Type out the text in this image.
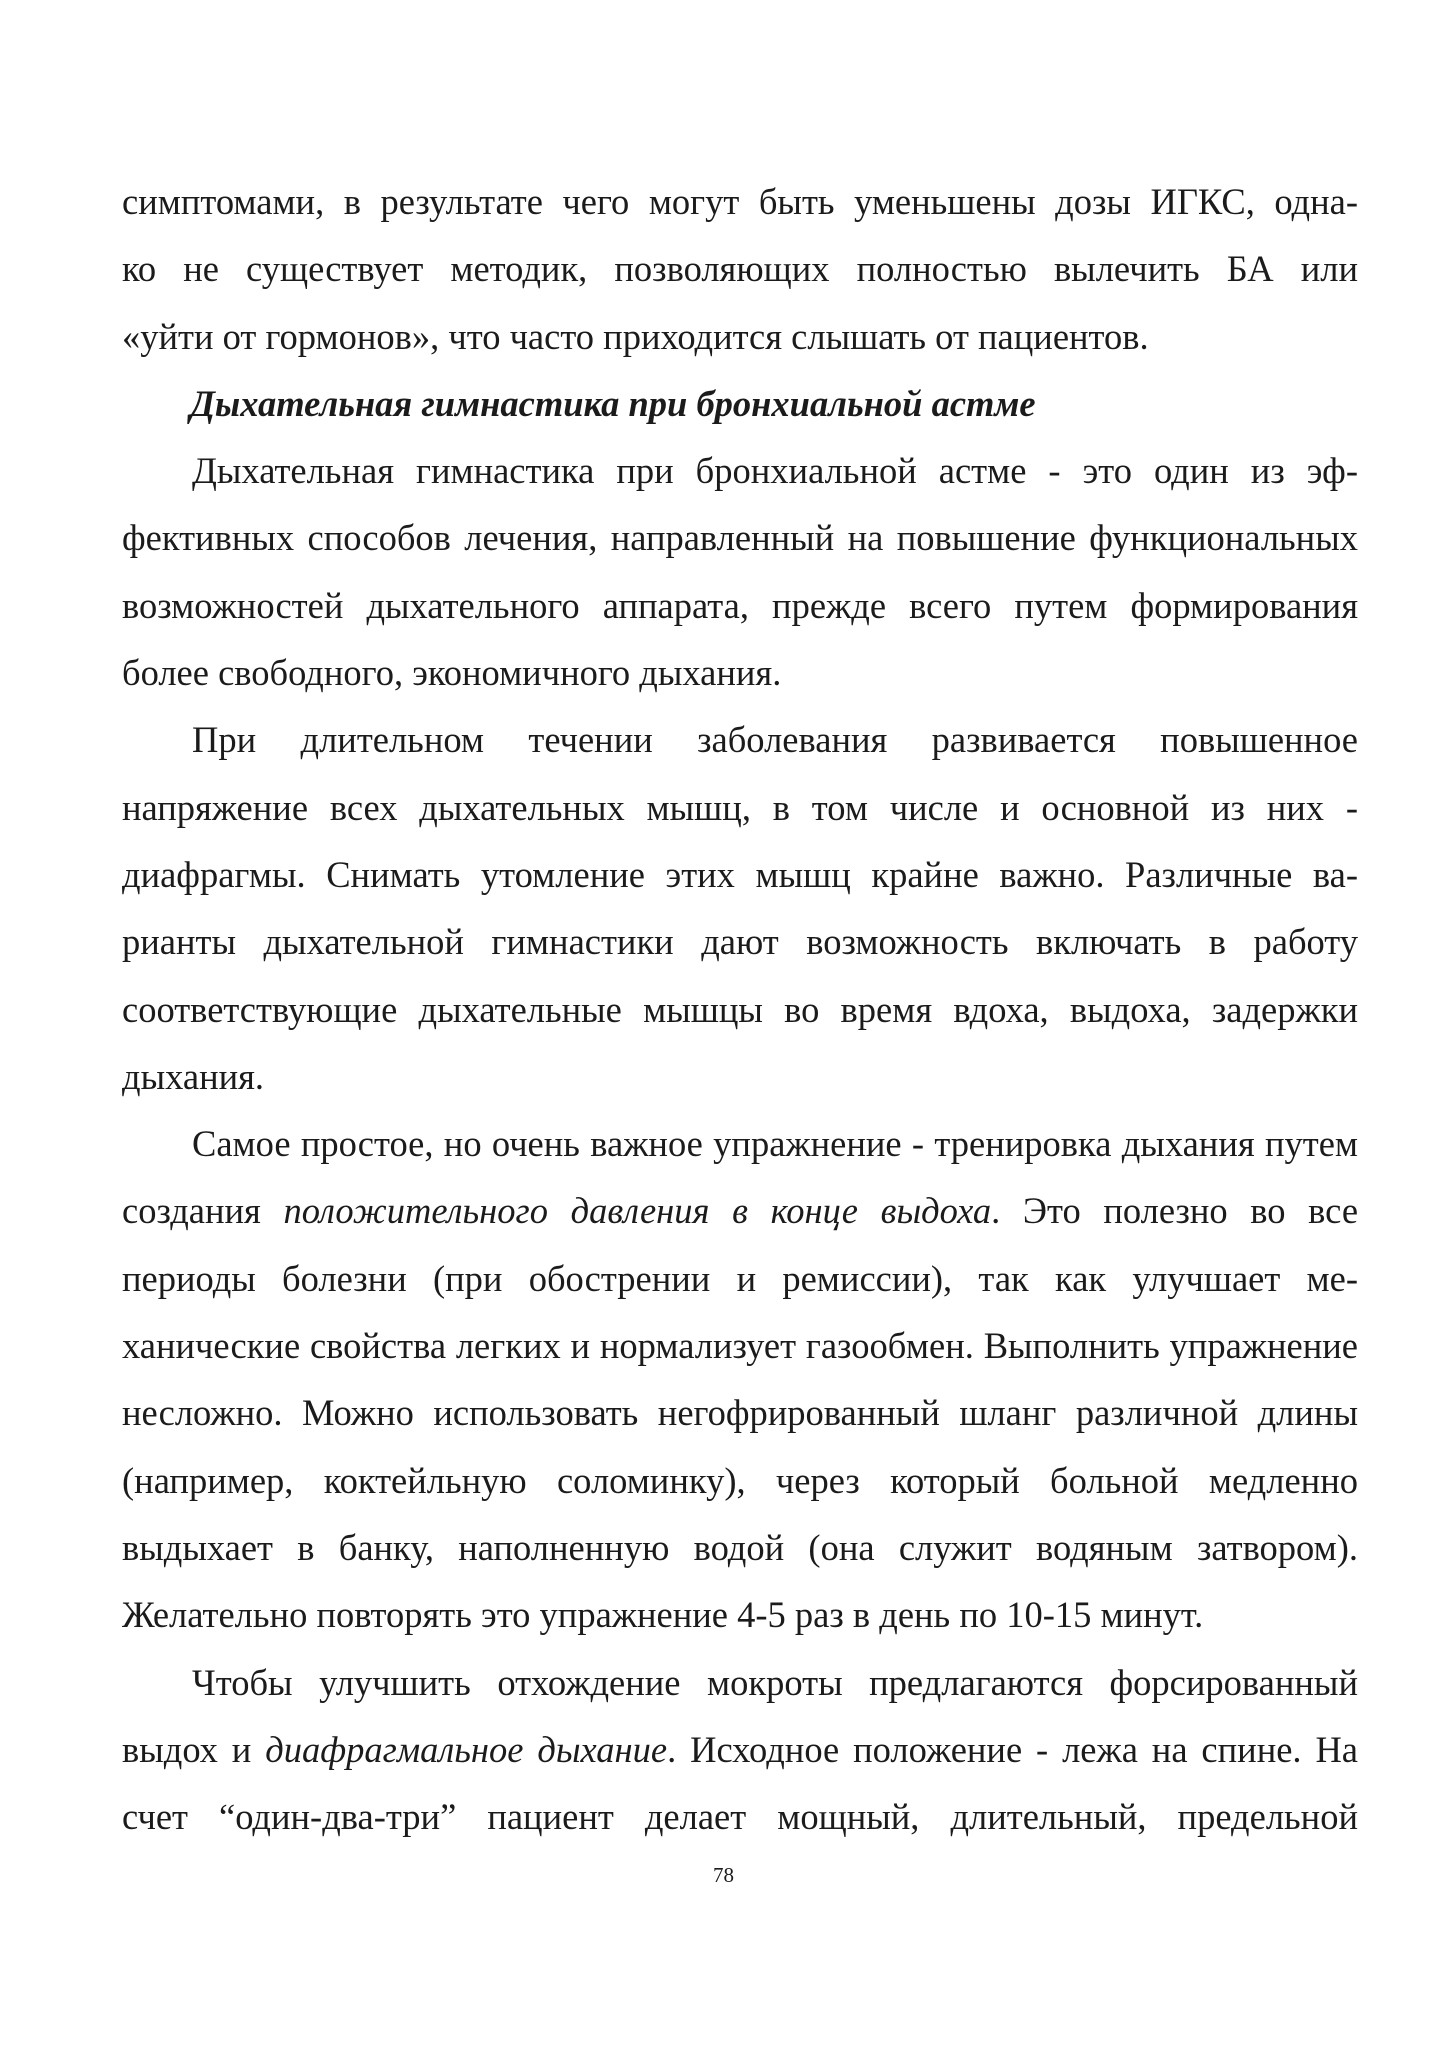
симптомами, в результате чего могут быть уменьшены дозы ИГКС, одна-

ко не существует методик, позволяющих полностью вылечить БА или

«уйти от гормонов», что часто приходится слышать от пациентов.

Дыхательная гимнастика при бронхиальной астме

Дыхательная гимнастика при бронхиальной астме - это один из эффективных способов лечения, направленный на повышение функциональных возможностей дыхательного аппарата, прежде всего путем формирования более свободного, экономичного дыхания.

При длительном течении заболевания развивается повышенное напряжение всех дыхательных мышц, в том числе и основной из них - диафрагмы. Снимать утомление этих мышц крайне важно. Различные варианты дыхательной гимнастики дают возможность включать в работу соответствующие дыхательные мышцы во время вдоха, выдоха, задержки дыхания.

Самое простое, но очень важное упражнение - тренировка дыхания путем создания положительного давления в конце выдоха. Это полезно во все периоды болезни (при обострении и ремиссии), так как улучшает механические свойства легких и нормализует газообмен. Выполнить упражнение несложно. Можно использовать негофрированный шланг различной длины (например, коктейльную соломинку), через который больной медленно выдыхает в банку, наполненную водой (она служит водяным затвором). Желательно повторять это упражнение 4-5 раз в день по 10-15 минут.

Чтобы улучшить отхождение мокроты предлагаются форсированный выдох и диафрагмальное дыхание. Исходное положение - лежа на спине. На счет “один-два-три” пациент делает мощный, длительный, предельной

78
